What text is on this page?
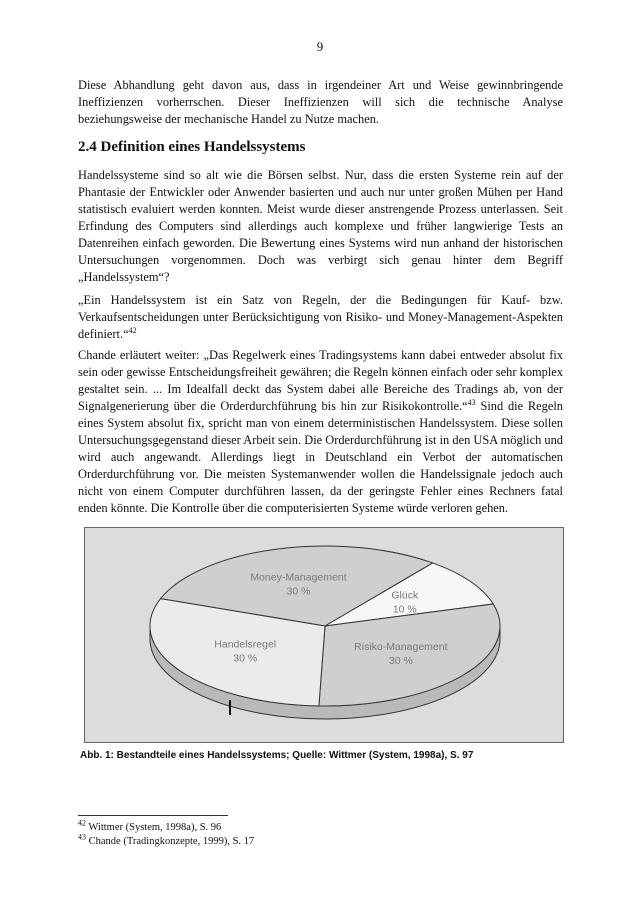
9

Diese Abhandlung geht davon aus, dass in irgendeiner Art und Weise gewinnbringende Ineffizienzen vorherrschen. Dieser Ineffizienzen will sich die technische Analyse beziehungsweise der mechanische Handel zu Nutze machen.

2.4 Definition eines Handelssystems

Handelssysteme sind so alt wie die Börsen selbst. Nur, dass die ersten Systeme rein auf der Phantasie der Entwickler oder Anwender basierten und auch nur unter großen Mühen per Hand statistisch evaluiert werden konnten. Meist wurde dieser anstrengende Prozess unterlassen. Seit Erfindung des Computers sind allerdings auch komplexe und früher langwierige Tests an Datenreihen einfach geworden. Die Bewertung eines Systems wird nun anhand der historischen Untersuchungen vorgenommen. Doch was verbirgt sich genau hinter dem Begriff „Handelssystem“?

„Ein Handelssystem ist ein Satz von Regeln, der die Bedingungen für Kauf- bzw. Verkaufsentscheidungen unter Berücksichtigung von Risiko- und Money-Management-Aspekten definiert.“$^{42}$

Chande erläutert weiter: „Das Regelwerk eines Tradingsystems kann dabei entweder absolut fix sein oder gewisse Entscheidungsfreiheit gewähren; die Regeln können einfach oder sehr komplex gestaltet sein. ... Im Idealfall deckt das System dabei alle Bereiche des Tradings ab, von der Signalgenerierung über die Orderdurchführung bis hin zur Risikokontrolle.“$^{43}$ Sind die Regeln eines System absolut fix, spricht man von einem deterministischen Handelssystem. Diese sollen Untersuchungsgegenstand dieser Arbeit sein. Die Orderdurchführung ist in den USA möglich und wird auch angewandt. Allerdings liegt in Deutschland ein Verbot der automatischen Orderdurchführung vor. Die meisten Systemanwender wollen die Handelssignale jedoch auch nicht von einem Computer durchführen lassen, da der geringste Fehler eines Rechners fatal enden könnte. Die Kontrolle über die computerisierten Systeme würde verloren gehen.

Money-Management
30 %	Glück
10 %
Risiko-Management
30 %
Handelsregel
30 %
Abb. 1: Bestandteile eines Handelssystems; Quelle: Wittmer (System, 1998a), S. 97
$^{42}$ Wittmer (System, 1998a), S. 96
$^{43}$ Chande (Tradingkonzepte, 1999), S. 17
